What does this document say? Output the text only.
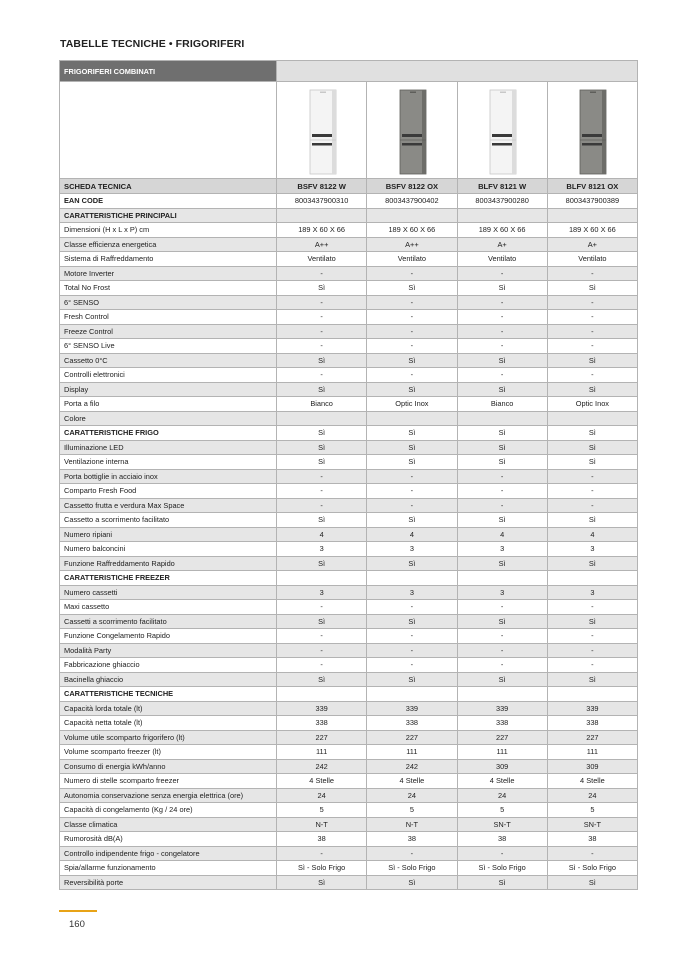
TABELLE TECNICHE • FRIGORIFERI
FRIGORIFERI COMBINATI				

SCHEDA TECNICA	BSFV 8122 W	BSFV 8122 OX	BLFV 8121 W	BLFV 8121 OX
EAN CODE	8003437900310	8003437900402	8003437900280	8003437900389
CARATTERISTICHE PRINCIPALI				
Dimensioni (H x L x P) cm	189 X 60 X 66	189 X 60 X 66	189 X 60 X 66	189 X 60 X 66
Classe efficienza energetica	A++	A++	A+	A+
Sistema di Raffreddamento	Ventilato	Ventilato	Ventilato	Ventilato
Motore Inverter	-	-	-	-
Total No Frost	Sì	Sì	Sì	Sì
6° SENSO	-	-	-	-
Fresh Control	-	-	-	-
Freeze Control	-	-	-	-
6° SENSO Live	-	-	-	-
Cassetto 0°C	Sì	Sì	Sì	Sì
Controlli elettronici	-	-	-	-
Display	Sì	Sì	Sì	Sì
Porta a filo	Bianco	Optic Inox	Bianco	Optic Inox
Colore				
CARATTERISTICHE FRIGO	Sì	Sì	Sì	Sì
Illuminazione LED	Sì	Sì	Sì	Sì
Ventilazione interna	Sì	Sì	Sì	Sì
Porta bottiglie in acciaio inox	-	-	-	-
Comparto Fresh Food	-	-	-	-
Cassetto frutta e verdura Max Space	-	-	-	-
Cassetto a scorrimento facilitato	Sì	Sì	Sì	Sì
Numero ripiani	4	4	4	4
Numero balconcini	3	3	3	3
Funzione Raffreddamento Rapido	Sì	Sì	Sì	Sì
CARATTERISTICHE FREEZER				
Numero cassetti	3	3	3	3
Maxi cassetto	-	-	-	-
Cassetti a scorrimento facilitato	Sì	Sì	Sì	Sì
Funzione Congelamento Rapido	-	-	-	-
Modalità Party	-	-	-	-
Fabbricazione ghiaccio	-	-	-	-
Bacinella ghiaccio	Sì	Sì	Sì	Sì
CARATTERISTICHE TECNICHE				
Capacità lorda totale (lt)	339	339	339	339
Capacità netta totale (lt)	338	338	338	338
Volume utile scomparto frigorifero (lt)	227	227	227	227
Volume scomparto freezer (lt)	111	111	111	111
Consumo di energia kWh/anno	242	242	309	309
Numero di stelle scomparto freezer	4 Stelle	4 Stelle	4 Stelle	4 Stelle
Autonomia conservazione senza energia elettrica (ore)	24	24	24	24
Capacità di congelamento (Kg / 24 ore)	5	5	5	5
Classe climatica	N-T	N-T	SN-T	SN-T
Rumorosità dB(A)	38	38	38	38
Controllo indipendente frigo - congelatore	-	-	-	-
Spia/allarme funzionamento	Sì - Solo Frigo	Sì - Solo Frigo	Sì - Solo Frigo	Sì - Solo Frigo
Reversibilità porte	Sì	Sì	Sì	Sì
160
